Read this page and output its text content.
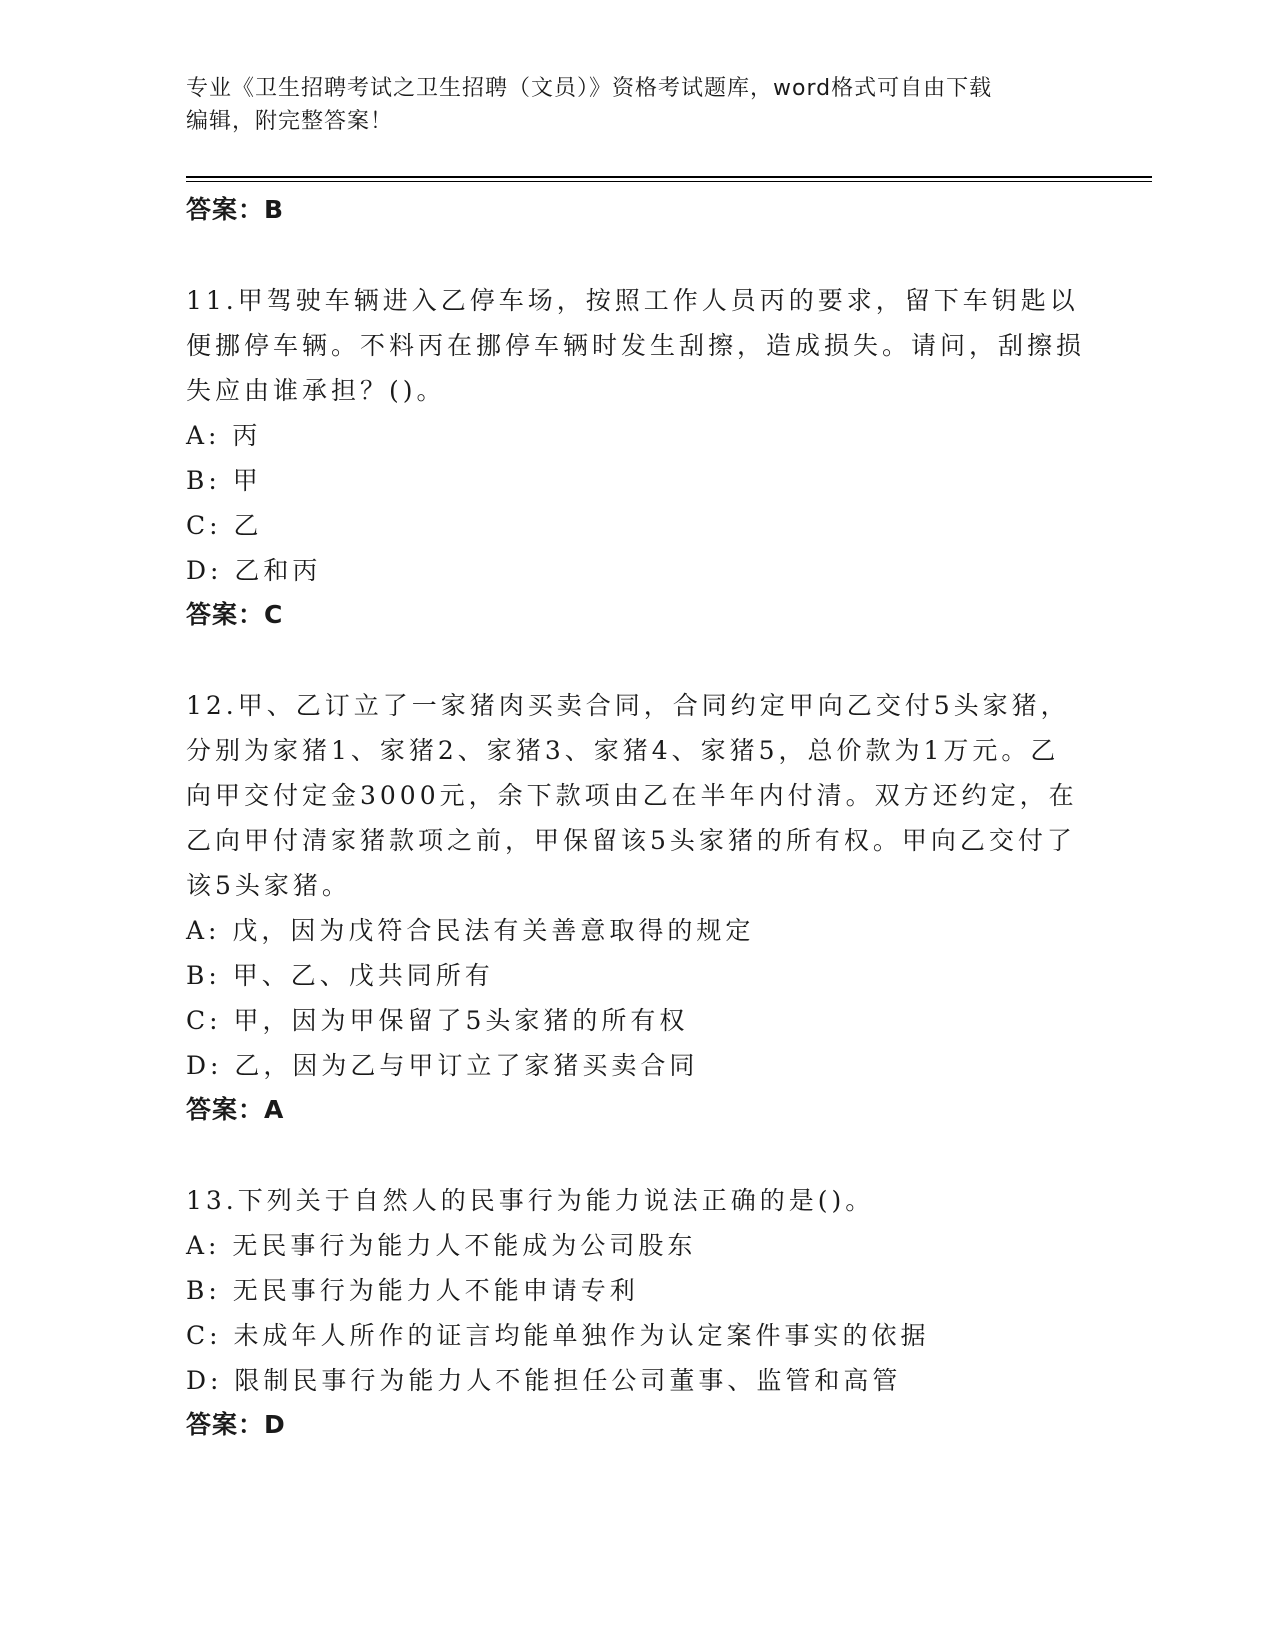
专业《卫生招聘考试之卫生招聘（文员）》资格考试题库，word格式可自由下载
编辑，附完整答案！
答案：B

11.甲驾驶车辆进入乙停车场，按照工作人员丙的要求，留下车钥匙以便挪停车辆。不料丙在挪停车辆时发生刮擦，造成损失。请问，刮擦损失应由谁承担？()。

A: 丙
B: 甲
C: 乙
D: 乙和丙
答案：C

12.甲、乙订立了一家猪肉买卖合同，合同约定甲向乙交付5头家猪，分别为家猪1、家猪2、家猪3、家猪4、家猪5，总价款为1万元。乙向甲交付定金3000元，余下款项由乙在半年内付清。双方还约定，在乙向甲付清家猪款项之前，甲保留该5头家猪的所有权。甲向乙交付了该5头家猪。

A: 戊，因为戊符合民法有关善意取得的规定
B: 甲、乙、戊共同所有
C: 甲，因为甲保留了5头家猪的所有权
D: 乙，因为乙与甲订立了家猪买卖合同
答案：A

13.下列关于自然人的民事行为能力说法正确的是()。

A: 无民事行为能力人不能成为公司股东
B: 无民事行为能力人不能申请专利
C: 未成年人所作的证言均能单独作为认定案件事实的依据
D: 限制民事行为能力人不能担任公司董事、监管和高管
答案：D
